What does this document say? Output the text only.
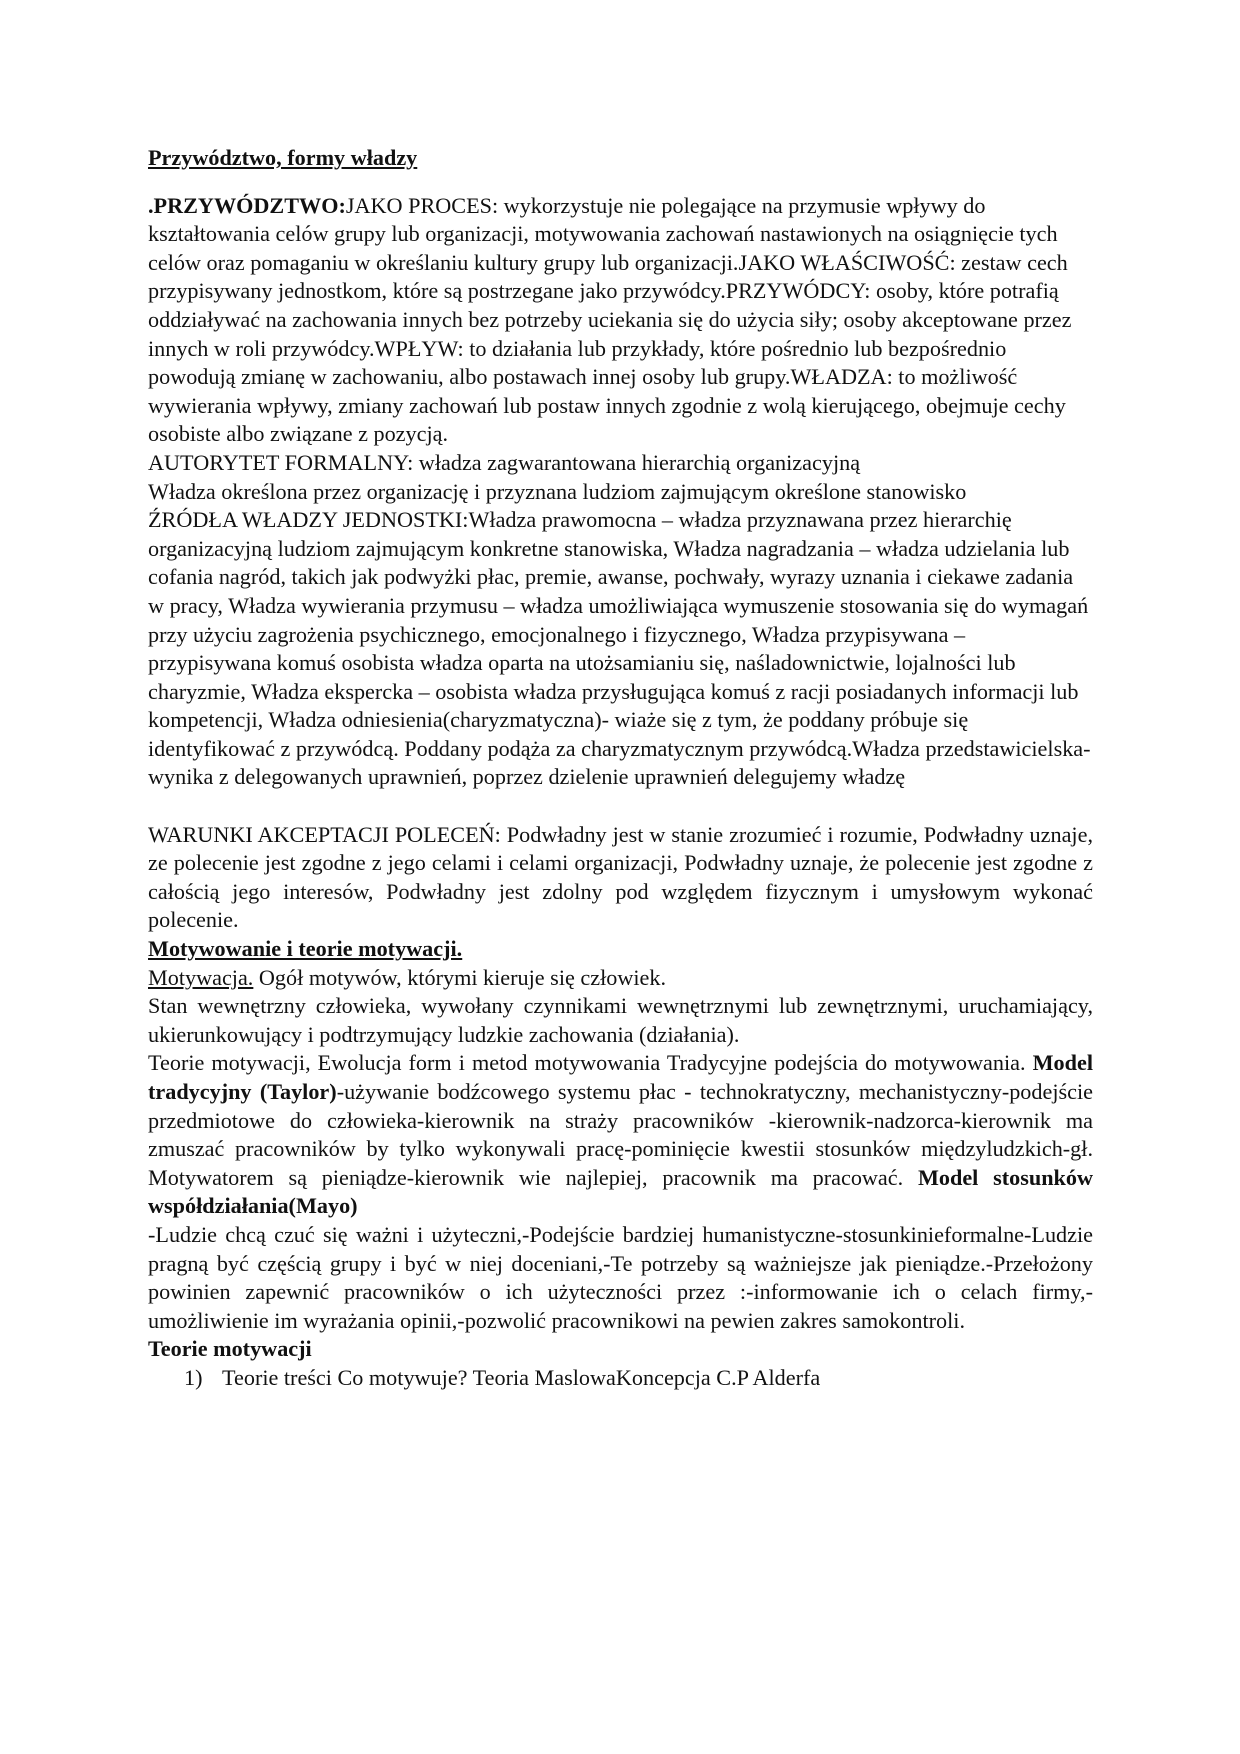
Przywództwo, formy władzy

.PRZYWÓDZTWO:JAKO PROCES: wykorzystuje nie polegające na przymusie wpływy do kształtowania celów grupy lub organizacji, motywowania zachowań nastawionych na osiągnięcie tych celów oraz pomaganiu w określaniu kultury grupy lub organizacji.JAKO WŁAŚCIWOŚĆ: zestaw cech przypisywany jednostkom, które są postrzegane jako przywódcy.PRZYWÓDCY: osoby, które potrafią oddziaływać na zachowania innych bez potrzeby uciekania się do użycia siły; osoby akceptowane przez innych w roli przywódcy.WPŁYW: to działania lub przykłady, które pośrednio lub bezpośrednio powodują zmianę w zachowaniu, albo postawach innej osoby lub grupy.WŁADZA: to możliwość wywierania wpływy, zmiany zachowań lub postaw innych zgodnie z wolą kierującego, obejmuje cechy osobiste albo związane z pozycją.

AUTORYTET FORMALNY: władza zagwarantowana hierarchią organizacyjną

Władza określona przez organizację i przyznana ludziom zajmującym określone stanowisko

ŹRÓDŁA WŁADZY JEDNOSTKI:Władza prawomocna – władza przyznawana przez hierarchię organizacyjną ludziom zajmującym konkretne stanowiska, Władza nagradzania – władza udzielania lub cofania nagród, takich jak podwyżki płac, premie, awanse, pochwały, wyrazy uznania i ciekawe zadania w pracy, Władza wywierania przymusu – władza umożliwiająca wymuszenie stosowania się do wymagań przy użyciu zagrożenia psychicznego, emocjonalnego i fizycznego, Władza przypisywana – przypisywana komuś osobista władza oparta na utożsamianiu się, naśladownictwie, lojalności lub charyzmie, Władza ekspercka – osobista władza przysługująca komuś z racji posiadanych informacji lub kompetencji, Władza odniesienia(charyzmatyczna)- wiaże się z tym, że poddany próbuje się identyfikować z przywódcą. Poddany podąża za charyzmatycznym przywódcą.Władza przedstawicielska- wynika z delegowanych uprawnień, poprzez dzielenie uprawnień delegujemy władzę

WARUNKI AKCEPTACJI POLECEŃ: Podwładny jest w stanie zrozumieć i rozumie, Podwładny uznaje, ze polecenie jest zgodne z jego celami i celami organizacji, Podwładny uznaje, że polecenie jest zgodne z całością jego interesów, Podwładny jest zdolny pod względem fizycznym i umysłowym wykonać polecenie.

Motywowanie i teorie motywacji.

Motywacja. Ogół motywów, którymi kieruje się człowiek.

Stan wewnętrzny człowieka, wywołany czynnikami wewnętrznymi lub zewnętrznymi, uruchamiający, ukierunkowujący i podtrzymujący ludzkie zachowania (działania).

Teorie motywacji, Ewolucja form i metod motywowania Tradycyjne podejścia do motywowania. Model tradycyjny (Taylor)-używanie bodźcowego systemu płac - technokratyczny, mechanistyczny-podejście przedmiotowe do człowieka-kierownik na straży pracowników -kierownik-nadzorca-kierownik ma zmuszać pracowników by tylko wykonywali pracę-pominięcie kwestii stosunków międzyludzkich-gł. Motywatorem są pieniądze-kierownik wie najlepiej, pracownik ma pracować. Model stosunków współdziałania(Mayo)

-Ludzie chcą czuć się ważni i użyteczni,-Podejście bardziej humanistyczne-stosunkinieformalne-Ludzie pragną być częścią grupy i być w niej doceniani,-Te potrzeby są ważniejsze jak pieniądze.-Przełożony powinien zapewnić pracowników o ich użyteczności przez :-informowanie ich o celach firmy,-umożliwienie im wyrażania opinii,-pozwolić pracownikowi na pewien zakres samokontroli.

Teorie motywacji

1) Teorie treści Co motywuje? Teoria MaslowaKoncepcja C.P Alderfa
